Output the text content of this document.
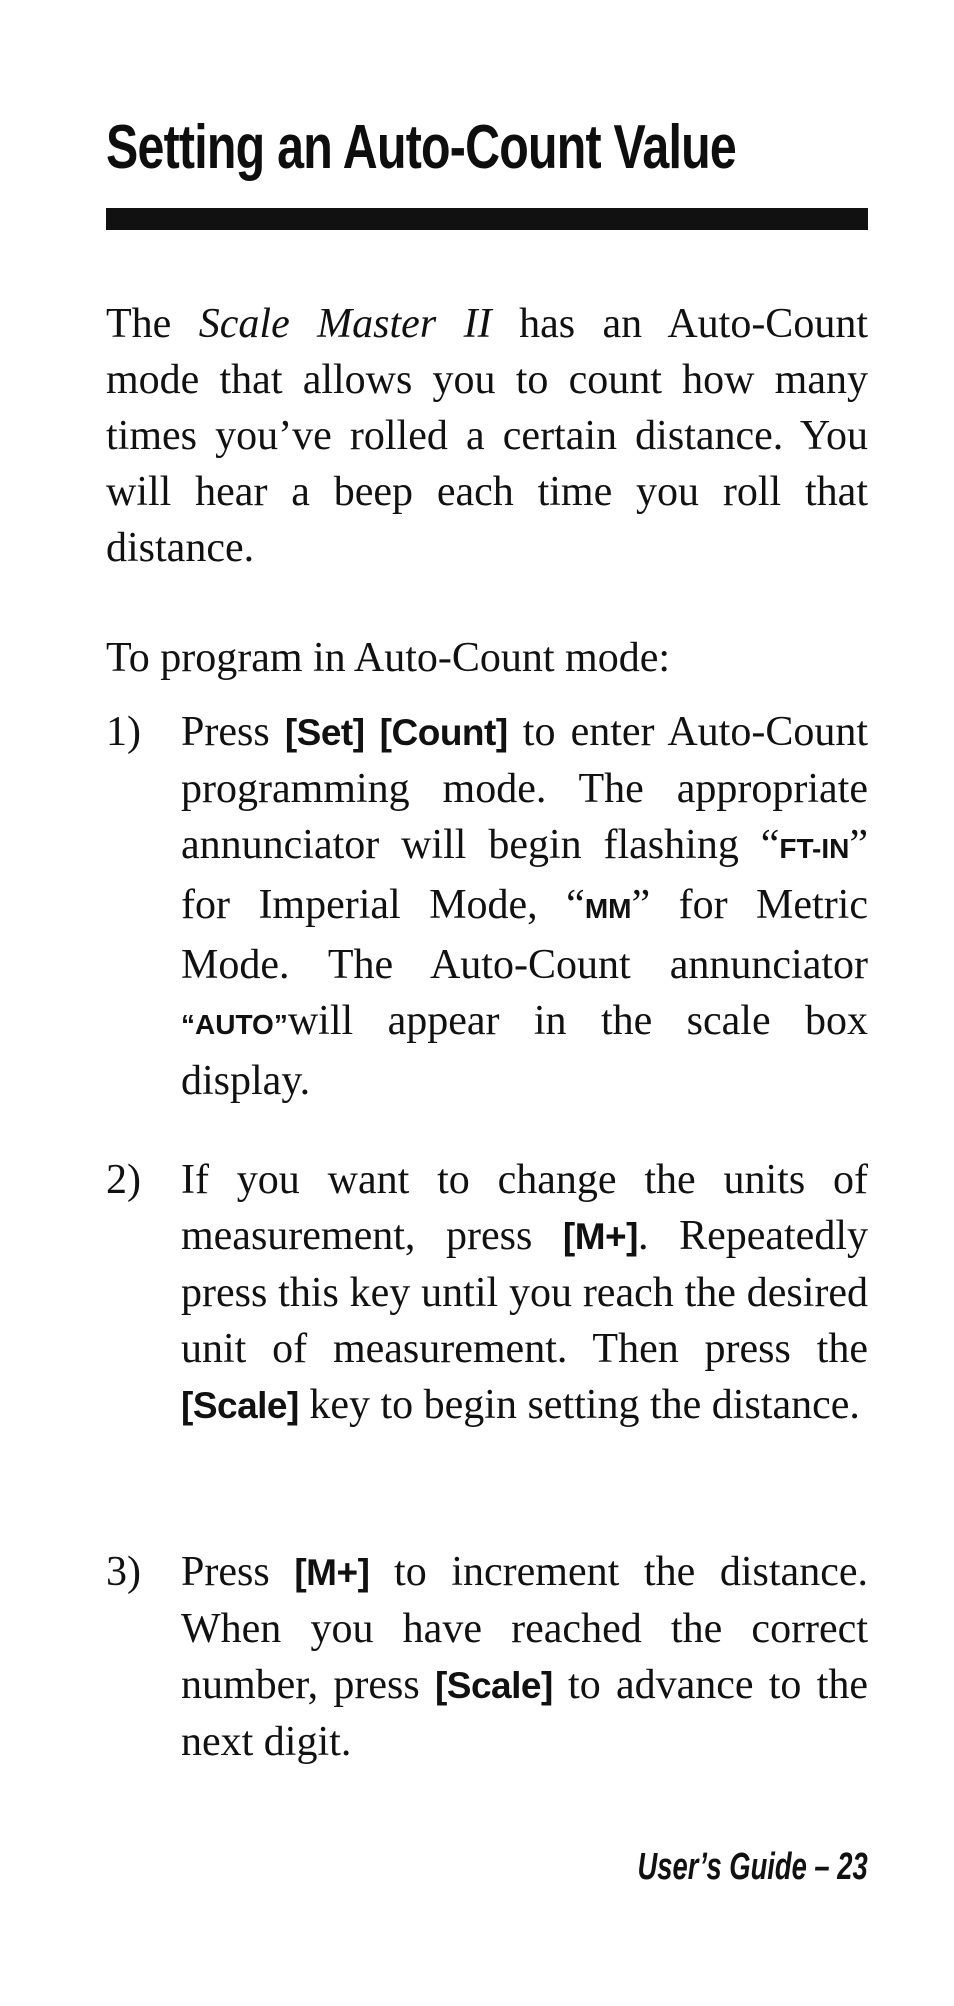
Setting an Auto-Count Value

The Scale Master II has an Auto-Count mode that allows you to count how many times you’ve rolled a certain distance. You will hear a beep each time you roll that distance.

To program in Auto-Count mode:

1) Press [Set] [Count] to enter Auto-Count programming mode. The appropriate annunciator will begin flashing “FT-IN” for Imperial Mode, “MM” for Metric Mode. The Auto-Count annunciator “AUTO”will appear in the scale box display.

2) If you want to change the units of measurement, press [M+]. Repeatedly press this key until you reach the desired unit of measurement. Then press the [Scale] key to begin setting the distance.

3) Press [M+] to increment the distance. When you have reached the correct number, press [Scale] to advance to the next digit.

User’s Guide – 23
